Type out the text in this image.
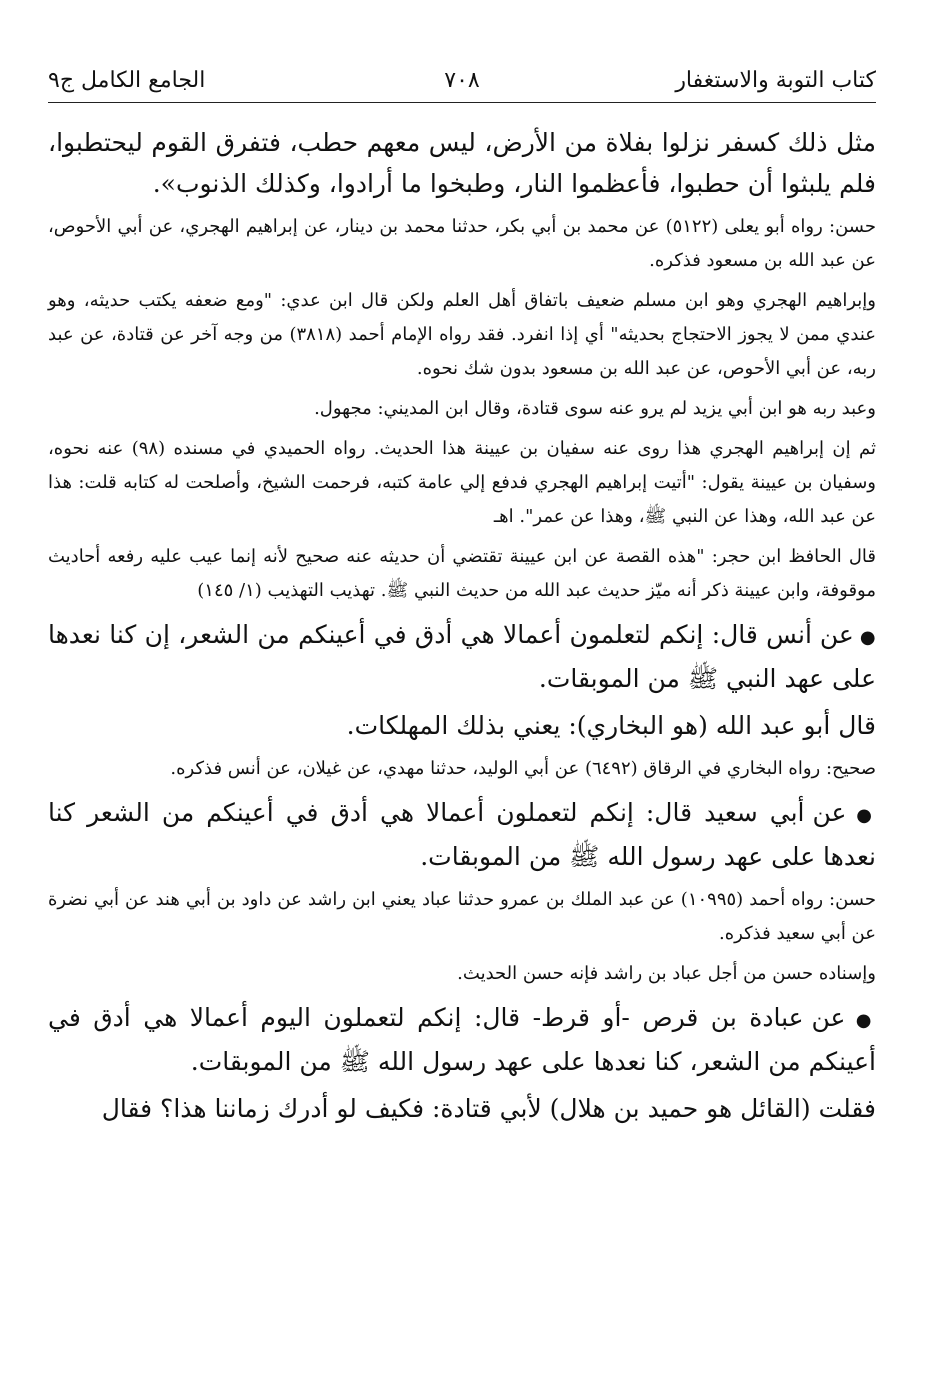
كتاب التوبة والاستغفار
٧٠٨
الجامع الكامل ج٩

مثل ذلك كسفر نزلوا بفلاة من الأرض، ليس معهم حطب، فتفرق القوم ليحتطبوا، فلم يلبثوا أن حطبوا، فأعظموا النار، وطبخوا ما أرادوا، وكذلك الذنوب».

حسن: رواه أبو يعلى (٥١٢٢) عن محمد بن أبي بكر، حدثنا محمد بن دينار، عن إبراهيم الهجري، عن أبي الأحوص، عن عبد الله بن مسعود فذكره.

وإبراهيم الهجري وهو ابن مسلم ضعيف باتفاق أهل العلم ولكن قال ابن عدي: "ومع ضعفه يكتب حديثه، وهو عندي ممن لا يجوز الاحتجاج بحديثه" أي إذا انفرد. فقد رواه الإمام أحمد (٣٨١٨) من وجه آخر عن قتادة، عن عبد ربه، عن أبي الأحوص، عن عبد الله بن مسعود بدون شك نحوه.

وعبد ربه هو ابن أبي يزيد لم يرو عنه سوى قتادة، وقال ابن المديني: مجهول.

ثم إن إبراهيم الهجري هذا روى عنه سفيان بن عيينة هذا الحديث. رواه الحميدي في مسنده (٩٨) عنه نحوه، وسفيان بن عيينة يقول: "أتيت إبراهيم الهجري فدفع إلي عامة كتبه، فرحمت الشيخ، وأصلحت له كتابه قلت: هذا عن عبد الله، وهذا عن النبي ﷺ، وهذا عن عمر". اهـ

قال الحافظ ابن حجر: "هذه القصة عن ابن عيينة تقتضي أن حديثه عنه صحيح لأنه إنما عيب عليه رفعه أحاديث موقوفة، وابن عيينة ذكر أنه ميّز حديث عبد الله من حديث النبي ﷺ. تهذيب التهذيب (١/ ١٤٥)

● عن أنس قال: إنكم لتعلمون أعمالا هي أدق في أعينكم من الشعر، إن كنا نعدها على عهد النبي ﷺ من الموبقات.

قال أبو عبد الله (هو البخاري): يعني بذلك المهلكات.

صحيح: رواه البخاري في الرقاق (٦٤٩٢) عن أبي الوليد، حدثنا مهدي، عن غيلان، عن أنس فذكره.

● عن أبي سعيد قال: إنكم لتعملون أعمالا هي أدق في أعينكم من الشعر كنا نعدها على عهد رسول الله ﷺ من الموبقات.

حسن: رواه أحمد (١٠٩٩٥) عن عبد الملك بن عمرو حدثنا عباد يعني ابن راشد عن داود بن أبي هند عن أبي نضرة عن أبي سعيد فذكره.

وإسناده حسن من أجل عباد بن راشد فإنه حسن الحديث.

● عن عبادة بن قرص -أو قرط- قال: إنكم لتعملون اليوم أعمالا هي أدق في أعينكم من الشعر، كنا نعدها على عهد رسول الله ﷺ من الموبقات.

فقلت (القائل هو حميد بن هلال) لأبي قتادة: فكيف لو أدرك زماننا هذا؟ فقال
